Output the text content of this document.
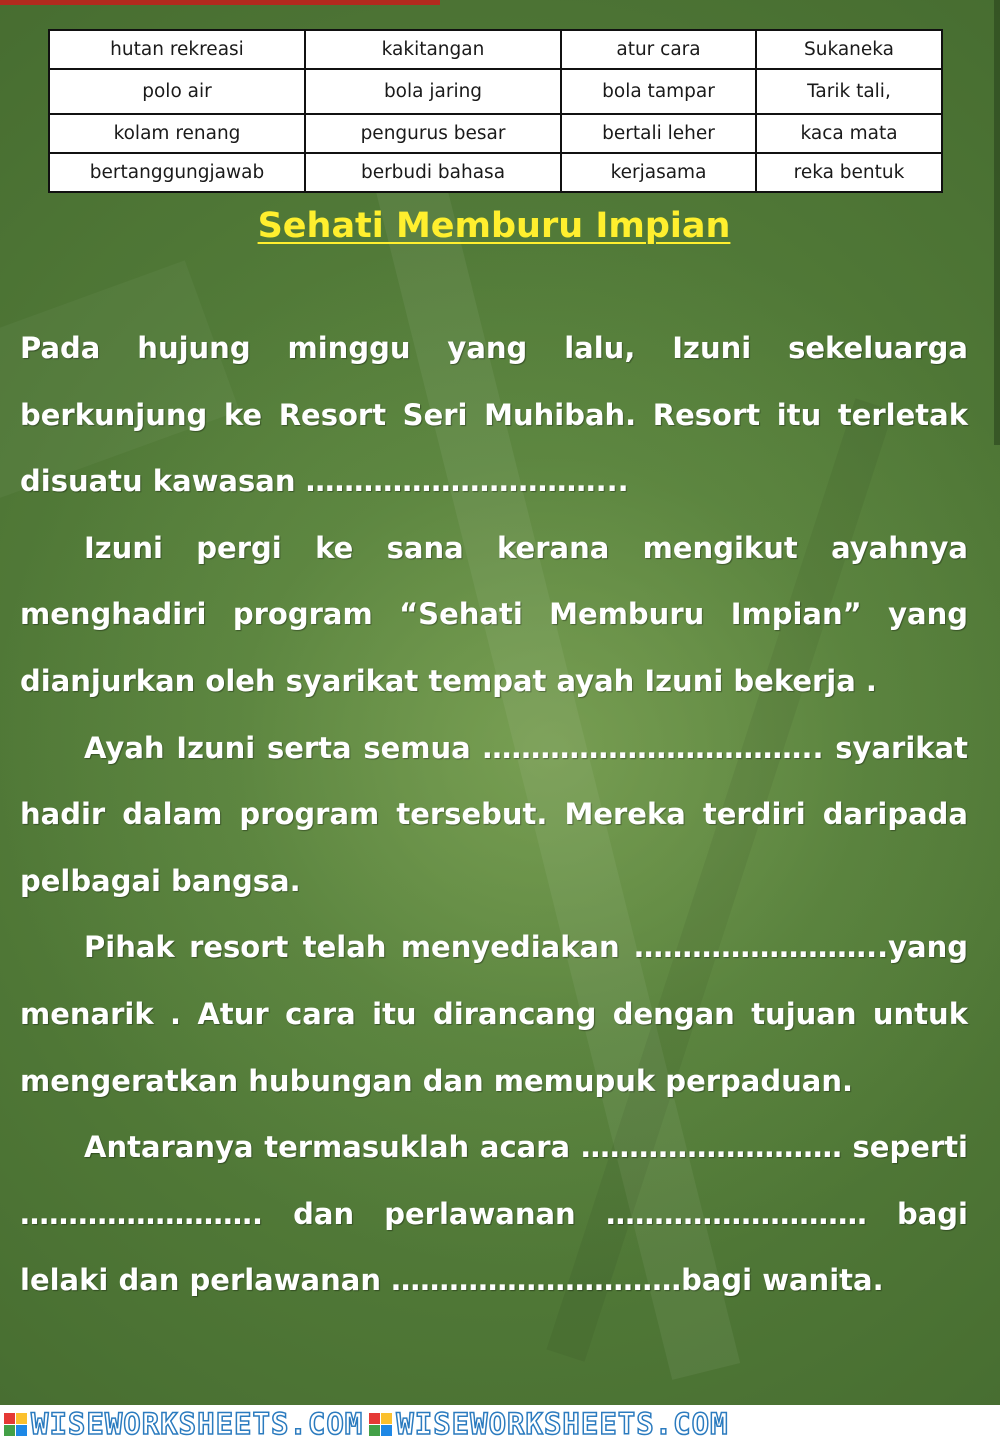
hutan rekreasi	kakitangan	atur cara	Sukaneka
polo air	bola jaring	bola tampar	Tarik tali,
kolam renang	pengurus besar	bertali leher	kaca mata
bertanggungjawab	berbudi bahasa	kerjasama	reka bentuk
Sehati Memburu Impian

Pada hujung minggu yang lalu, Izuni sekeluarga berkunjung ke Resort Seri Muhibah. Resort itu terletak disuatu kawasan …………………………...

Izuni pergi ke sana kerana mengikut ayahnya menghadiri program “Sehati Memburu Impian” yang dianjurkan oleh syarikat tempat ayah Izuni bekerja .

Ayah Izuni serta semua …………………………….. syarikat hadir dalam program tersebut. Mereka terdiri daripada pelbagai bangsa.

Pihak resort telah menyediakan ……………………..yang menarik . Atur cara itu dirancang dengan tujuan untuk mengeratkan hubungan dan memupuk perpaduan.

Antaranya termasuklah acara ……………………… seperti ……………………. dan perlawanan ……………………… bagi lelaki dan perlawanan …………………………bagi wanita.

WISEWORKSHEETS.COM WISEWORKSHEETS.COM
